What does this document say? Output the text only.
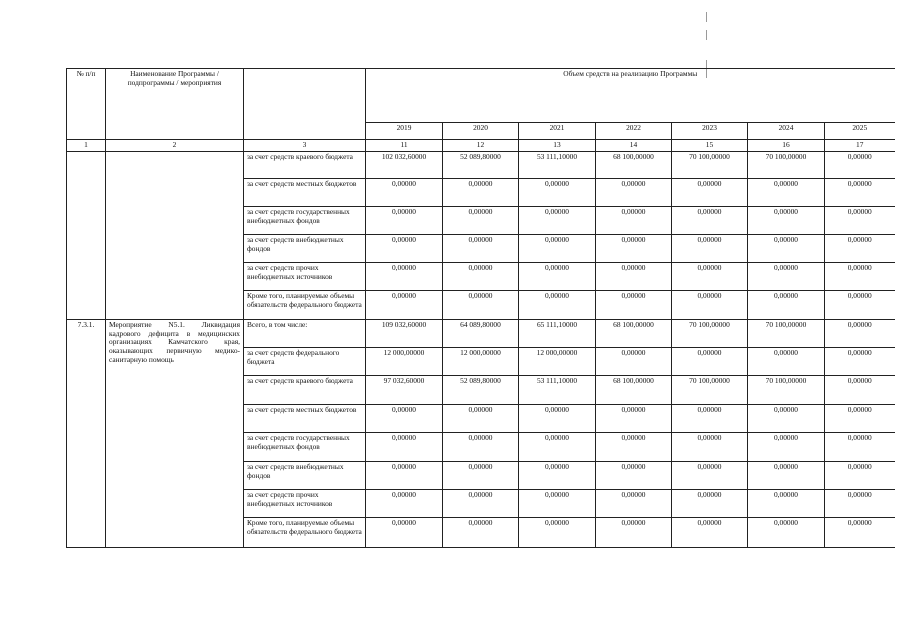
№ п/п	Наименование Программы / подпрограммы / мероприятия		Объем средств на реализацию Программы						
			2019	2020	2021	2022	2023	2024	2025
1	2	3	11	12	13	14	15	16	17
		за счет средств краевого бюджета	102 032,60000	52 089,80000	53 111,10000	68 100,00000	70 100,00000	70 100,00000	0,00000
		за счет средств местных бюджетов	0,00000	0,00000	0,00000	0,00000	0,00000	0,00000	0,00000
		за счет средств государственных внебюджетных фондов	0,00000	0,00000	0,00000	0,00000	0,00000	0,00000	0,00000
		за счет средств внебюджетных фондов	0,00000	0,00000	0,00000	0,00000	0,00000	0,00000	0,00000
		за счет средств прочих внебюджетных источников	0,00000	0,00000	0,00000	0,00000	0,00000	0,00000	0,00000
		Кроме того, планируемые объемы обязательств федерального бюджета	0,00000	0,00000	0,00000	0,00000	0,00000	0,00000	0,00000
7.3.1.	Мероприятие N5.1. Ликвидация кадрового дефицита в медицинских организациях Камчатского края, оказывающих первичную медико-санитарную помощь	Всего, в том числе:	109 032,60000	64 089,80000	65 111,10000	68 100,00000	70 100,00000	70 100,00000	0,00000
		за счет средств федерального бюджета	12 000,00000	12 000,00000	12 000,00000	0,00000	0,00000	0,00000	0,00000
		за счет средств краевого бюджета	97 032,60000	52 089,80000	53 111,10000	68 100,00000	70 100,00000	70 100,00000	0,00000
		за счет средств местных бюджетов	0,00000	0,00000	0,00000	0,00000	0,00000	0,00000	0,00000
		за счет средств государственных внебюджетных фондов	0,00000	0,00000	0,00000	0,00000	0,00000	0,00000	0,00000
		за счет средств внебюджетных фондов	0,00000	0,00000	0,00000	0,00000	0,00000	0,00000	0,00000
		за счет средств прочих внебюджетных источников	0,00000	0,00000	0,00000	0,00000	0,00000	0,00000	0,00000
		Кроме того, планируемые объемы обязательств федерального бюджета	0,00000	0,00000	0,00000	0,00000	0,00000	0,00000	0,00000
